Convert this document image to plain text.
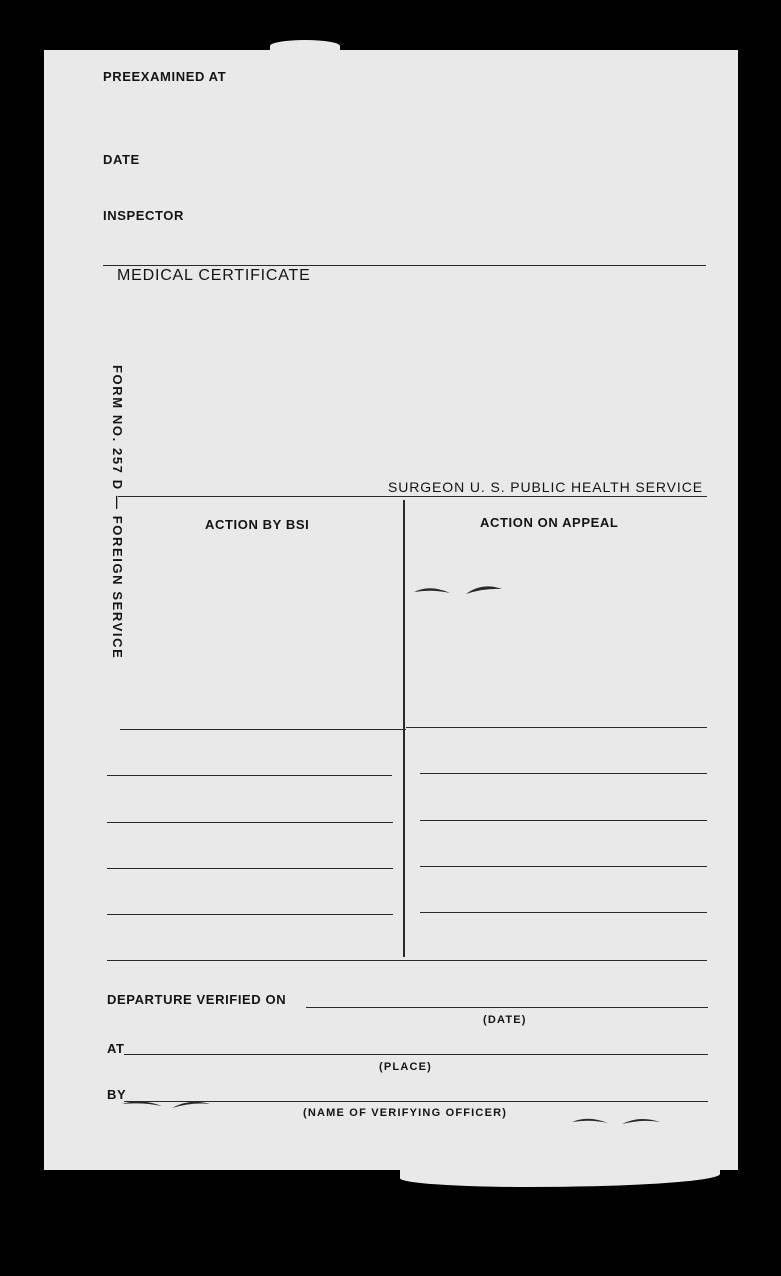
PREEXAMINED AT
DATE
INSPECTOR
MEDICAL CERTIFICATE
FORM NO. 257 D — FOREIGN SERVICE	SURGEON U. S. PUBLIC HEALTH SERVICE
ACTION BY BSI	ACTION ON APPEAL
DEPARTURE VERIFIED ON
(DATE)
AT
(PLACE)
BY
(NAME OF VERIFYING OFFICER)
